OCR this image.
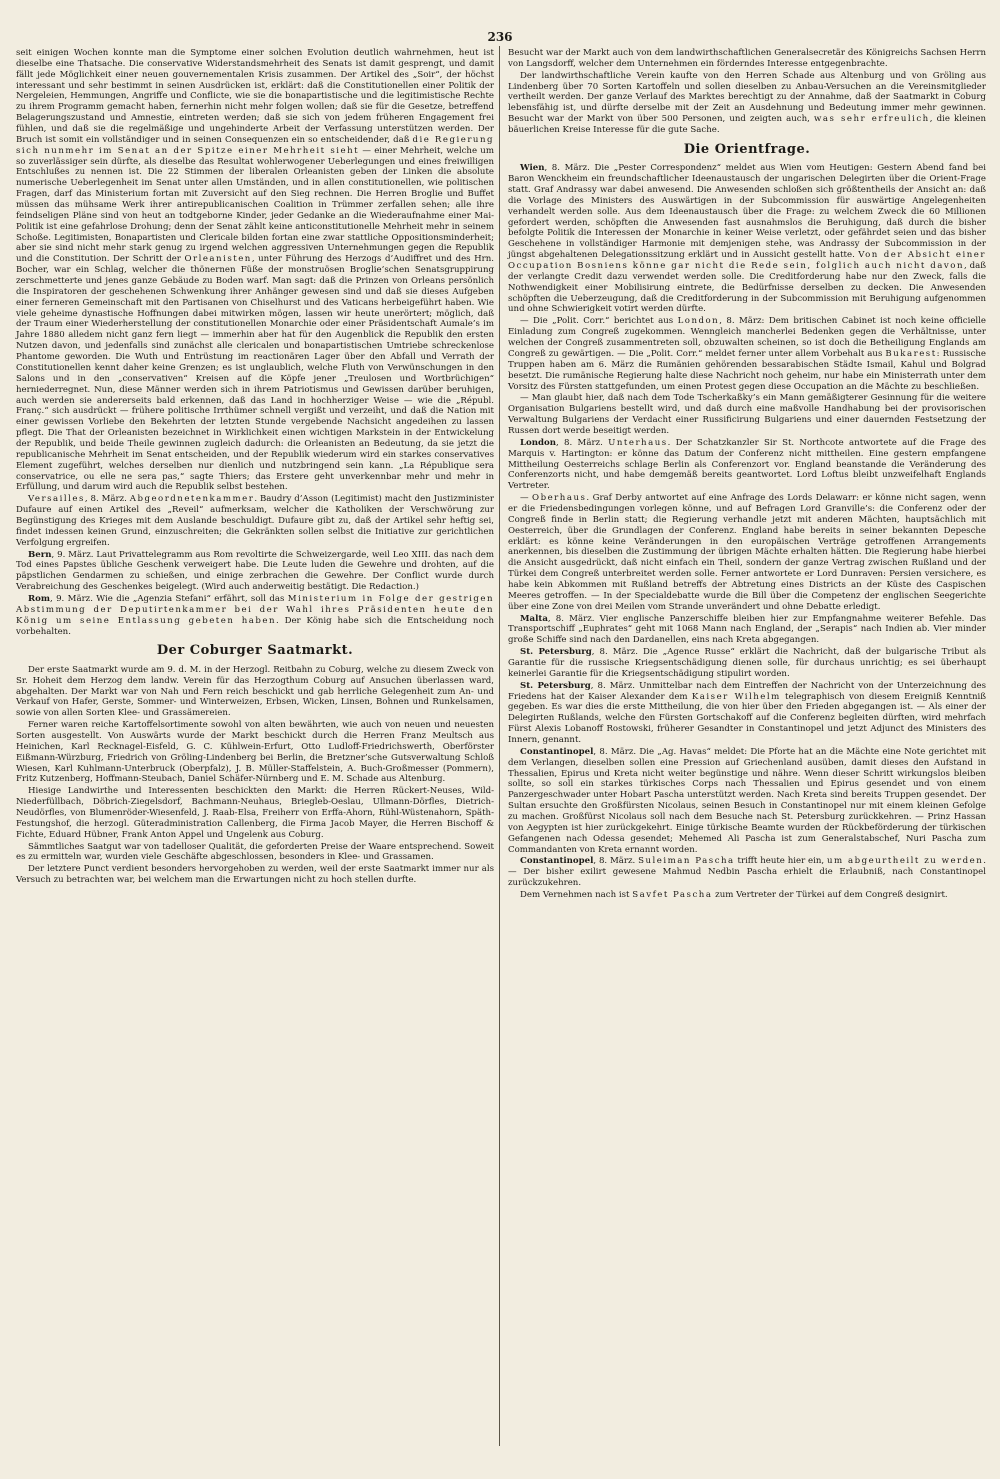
236

seit einigen Wochen konnte man die Symptome einer solchen Evolution deutlich wahrnehmen, heut ist dieselbe eine Thatsache. Die conservative Widerstandsmehrheit des Senats ist damit gesprengt, und damit fällt jede Möglichkeit einer neuen gouvernementalen Krisis zusammen. Der Artikel des „Soir“, der höchst interessant und sehr bestimmt in seinen Ausdrücken ist, erklärt: daß die Constitutionellen einer Politik der Nergeleien, Hemmungen, Angriffe und Conflicte, wie sie die bonapartistische und die legitimistische Rechte zu ihrem Programm gemacht haben, fernerhin nicht mehr folgen wollen; daß sie für die Gesetze, betreffend Belagerungszustand und Amnestie, eintreten werden; daß sie sich von jedem früheren Engagement frei fühlen, und daß sie die regelmäßige und ungehinderte Arbeit der Verfassung unterstützen werden. Der Bruch ist somit ein vollständiger und in seinen Consequenzen ein so entscheidender, daß die Regierung sich nunmehr im Senat an der Spitze einer Mehrheit sieht — einer Mehrheit, welche um so zuverlässiger sein dürfte, als dieselbe das Resultat wohlerwogener Ueberlegungen und eines freiwilligen Entschlußes zu nennen ist. Die 22 Stimmen der liberalen Orleanisten geben der Linken die absolute numerische Ueberlegenheit im Senat unter allen Umständen, und in allen constitutionellen, wie politischen Fragen, darf das Ministerium fortan mit Zuversicht auf den Sieg rechnen. Die Herren Broglie und Buffet müssen das mühsame Werk ihrer antirepublicanischen Coalition in Trümmer zerfallen sehen; alle ihre feindseligen Pläne sind von heut an todtgeborne Kinder, jeder Gedanke an die Wiederaufnahme einer Mai-Politik ist eine gefahrlose Drohung; denn der Senat zählt keine anticonstitutionelle Mehrheit mehr in seinem Schoße. Legitimisten, Bonapartisten und Clericale bilden fortan eine zwar stattliche Oppositionsminderheit; aber sie sind nicht mehr stark genug zu irgend welchen aggressiven Unternehmungen gegen die Republik und die Constitution. Der Schritt der Orleanisten, unter Führung des Herzogs d’Audiffret und des Hrn. Bocher, war ein Schlag, welcher die thönernen Füße der monstruösen Broglie’schen Senatsgruppirung zerschmetterte und jenes ganze Gebäude zu Boden warf. Man sagt: daß die Prinzen von Orleans persönlich die Inspiratoren der geschehenen Schwenkung ihrer Anhänger gewesen sind und daß sie dieses Aufgeben einer ferneren Gemeinschaft mit den Partisanen von Chiselhurst und des Vaticans herbeigeführt haben. Wie viele geheime dynastische Hoffnungen dabei mitwirken mögen, lassen wir heute unerörtert; möglich, daß der Traum einer Wiederherstellung der constitutionellen Monarchie oder einer Präsidentschaft Aumale’s im Jahre 1880 alledem nicht ganz fern liegt — immerhin aber hat für den Augenblick die Republik den ersten Nutzen davon, und jedenfalls sind zunächst alle clericalen und bonapartistischen Umtriebe schreckenlose Phantome geworden. Die Wuth und Entrüstung im reactionären Lager über den Abfall und Verrath der Constitutionellen kennt daher keine Grenzen; es ist unglaublich, welche Fluth von Verwünschungen in den Salons und in den „conservativen“ Kreisen auf die Köpfe jener „Treulosen und Wortbrüchigen“ herniederregnet. Nun, diese Männer werden sich in ihrem Patriotismus und Gewissen darüber beruhigen, auch werden sie andererseits bald erkennen, daß das Land in hochherziger Weise — wie die „Républ. Franç.“ sich ausdrückt — frühere politische Irrthümer schnell vergißt und verzeiht, und daß die Nation mit einer gewissen Vorliebe den Bekehrten der letzten Stunde vergebende Nachsicht angedeihen zu lassen pflegt. Die That der Orleanisten bezeichnet in Wirklichkeit einen wichtigen Markstein in der Entwickelung der Republik, und beide Theile gewinnen zugleich dadurch: die Orleanisten an Bedeutung, da sie jetzt die republicanische Mehrheit im Senat entscheiden, und der Republik wiederum wird ein starkes conservatives Element zugeführt, welches derselben nur dienlich und nutzbringend sein kann. „La République sera conservatrice, ou elle ne sera pas,“ sagte Thiers; das Erstere geht unverkennbar mehr und mehr in Erfüllung, und darum wird auch die Republik selbst bestehen.

Versailles, 8. März. Abgeordnetenkammer. Baudry d’Asson (Legitimist) macht den Justizminister Dufaure auf einen Artikel des „Reveil“ aufmerksam, welcher die Katholiken der Verschwörung zur Begünstigung des Krieges mit dem Auslande beschuldigt. Dufaure gibt zu, daß der Artikel sehr heftig sei, findet indessen keinen Grund, einzuschreiten; die Gekränkten sollen selbst die Initiative zur gerichtlichen Verfolgung ergreifen.

Bern, 9. März. Laut Privattelegramm aus Rom revoltirte die Schweizergarde, weil Leo XIII. das nach dem Tod eines Papstes übliche Geschenk verweigert habe. Die Leute luden die Gewehre und drohten, auf die päpstlichen Gendarmen zu schießen, und einige zerbrachen die Gewehre. Der Conflict wurde durch Verabreichung des Geschenkes beigelegt. (Wird auch anderweitig bestätigt. Die Redaction.)

Rom, 9. März. Wie die „Agenzia Stefani“ erfährt, soll das Ministerium in Folge der gestrigen Abstimmung der Deputirtenkammer bei der Wahl ihres Präsidenten heute den König um seine Entlassung gebeten haben. Der König habe sich die Entscheidung noch vorbehalten.

Der Coburger Saatmarkt.

Der erste Saatmarkt wurde am 9. d. M. in der Herzogl. Reitbahn zu Coburg, welche zu diesem Zweck von Sr. Hoheit dem Herzog dem landw. Verein für das Herzogthum Coburg auf Ansuchen überlassen ward, abgehalten. Der Markt war von Nah und Fern reich beschickt und gab herrliche Gelegenheit zum An- und Verkauf von Hafer, Gerste, Sommer- und Winterweizen, Erbsen, Wicken, Linsen, Bohnen und Runkelsamen, sowie von allen Sorten Klee- und Grassämereien.

Ferner waren reiche Kartoffelsortimente sowohl von alten bewährten, wie auch von neuen und neuesten Sorten ausgestellt. Von Auswärts wurde der Markt beschickt durch die Herren Franz Meultsch aus Heinichen, Karl Recknagel-Eisfeld, G. C. Kühlwein-Erfurt, Otto Ludloff-Friedrichswerth, Oberförster Eißmann-Würzburg, Friedrich von Gröling-Lindenberg bei Berlin, die Bretzner’sche Gutsverwaltung Schloß Wiesen, Karl Kuhlmann-Unterbruck (Oberpfalz), J. B. Müller-Staffelstein, A. Buch-Großmesser (Pommern), Fritz Kutzenberg, Hoffmann-Steubach, Daniel Schäfer-Nürnberg und E. M. Schade aus Altenburg.

Hiesige Landwirthe und Interessenten beschickten den Markt: die Herren Rückert-Neuses, Wild-Niederfüllbach, Döbrich-Ziegelsdorf, Bachmann-Neuhaus, Brieglеb-Oeslau, Ullmann-Dörfles, Dietrich-Neudörfles, von Blumenröder-Wiesenfeld, J. Raab-Elsa, Freiherr von Erffa-Ahorn, Rühl-Wüstenahorn, Späth-Festungshof, die herzogl. Güteradministration Callenberg, die Firma Jacob Mayer, die Herren Bischoff & Fichte, Eduard Hübner, Frank Anton Appel und Ungelenk aus Coburg.

Sämmtliches Saatgut war von tadelloser Qualität, die geforderten Preise der Waare entsprechend. Soweit es zu ermitteln war, wurden viele Geschäfte abgeschlossen, besonders in Klee- und Grassamen.

Der letztere Punct verdient besonders hervorgehoben zu werden, weil der erste Saatmarkt immer nur als Versuch zu betrachten war, bei welchem man die Erwartungen nicht zu hoch stellen durfte.

Besucht war der Markt auch von dem landwirthschaftlichen Generalsecretär des Königreichs Sachsen Herrn von Langsdorff, welcher dem Unternehmen ein förderndes Interesse entgegenbrachte.

Der landwirthschaftliche Verein kaufte von den Herren Schade aus Altenburg und von Gröling aus Lindenberg über 70 Sorten Kartoffeln und sollen dieselben zu Anbau-Versuchen an die Vereinsmitglieder vertheilt werden. Der ganze Verlauf des Marktes berechtigt zu der Annahme, daß der Saatmarkt in Coburg lebensfähig ist, und dürfte derselbe mit der Zeit an Ausdehnung und Bedeutung immer mehr gewinnen. Besucht war der Markt von über 500 Personen, und zeigten auch, was sehr erfreulich, die kleinen bäuerlichen Kreise Interesse für die gute Sache.

Die Orientfrage.

Wien, 8. März. Die „Pester Correspondenz“ meldet aus Wien vom Heutigen: Gestern Abend fand bei Baron Wenckheim ein freundschaftlicher Ideenaustausch der ungarischen Delegirten über die Orient-Frage statt. Graf Andrassy war dabei anwesend. Die Anwesenden schloßen sich größtentheils der Ansicht an: daß die Vorlage des Ministers des Auswärtigen in der Subcommission für auswärtige Angelegenheiten verhandelt werden solle. Aus dem Ideenaustausch über die Frage: zu welchem Zweck die 60 Millionen gefordert werden, schöpften die Anwesenden fast ausnahmslos die Beruhigung, daß durch die bisher befolgte Politik die Interessen der Monarchie in keiner Weise verletzt, oder gefährdet seien und das bisher Geschehene in vollständiger Harmonie mit demjenigen stehe, was Andrassy der Subcommission in der jüngst abgehaltenen Delegationssitzung erklärt und in Aussicht gestellt hatte. Von der Absicht einer Occupation Bosniens könne gar nicht die Rede sein, folglich auch nicht davon, daß der verlangte Credit dazu verwendet werden solle. Die Creditforderung habe nur den Zweck, falls die Nothwendigkeit einer Mobilisirung eintrete, die Bedürfnisse derselben zu decken. Die Anwesenden schöpften die Ueberzeugung, daß die Creditforderung in der Subcommission mit Beruhigung aufgenommen und ohne Schwierigkeit votirt werden dürfte.

— Die „Polit. Corr.“ berichtet aus London, 8. März: Dem britischen Cabinet ist noch keine officielle Einladung zum Congreß zugekommen. Wenngleich mancherlei Bedenken gegen die Verhältnisse, unter welchen der Congreß zusammentreten soll, obzuwalten scheinen, so ist doch die Betheiligung Englands am Congreß zu gewärtigen. — Die „Polit. Corr.“ meldet ferner unter allem Vorbehalt aus Bukarest: Russische Truppen haben am 6. März die Rumänien gehörenden bessarabischen Städte Ismail, Kahul und Bolgrad besetzt. Die rumänische Regierung halte diese Nachricht noch geheim, nur habe ein Ministerrath unter dem Vorsitz des Fürsten stattgefunden, um einen Protest gegen diese Occupation an die Mächte zu beschließen.

— Man glaubt hier, daß nach dem Tode Tscherkaßky’s ein Mann gemäßigterer Gesinnung für die weitere Organisation Bulgariens bestellt wird, und daß durch eine maßvolle Handhabung bei der provisorischen Verwaltung Bulgariens der Verdacht einer Russificirung Bulgariens und einer dauernden Festsetzung der Russen dort werde beseitigt werden.

London, 8. März. Unterhaus. Der Schatzkanzler Sir St. Northcote antwortete auf die Frage des Marquis v. Hartington: er könne das Datum der Conferenz nicht mittheilen. Eine gestern empfangene Mittheilung Oesterreichs schlage Berlin als Conferenzort vor. England beanstande die Veränderung des Conferenzorts nicht, und habe demgemäß bereits geantwortet. Lord Loftus bleibt unzweifelhaft Englands Vertreter.

— Oberhaus. Graf Derby antwortet auf eine Anfrage des Lords Delawarr: er könne nicht sagen, wenn er die Friedensbedingungen vorlegen könne, und auf Befragen Lord Granville’s: die Conferenz oder der Congreß finde in Berlin statt; die Regierung verhandle jetzt mit anderen Mächten, hauptsächlich mit Oesterreich, über die Grundlagen der Conferenz. England habe bereits in seiner bekannten Depesche erklärt: es könne keine Veränderungen in den europäischen Verträge getroffenen Arrangements anerkennen, bis dieselben die Zustimmung der übrigen Mächte erhalten hätten. Die Regierung habe hierbei die Ansicht ausgedrückt, daß nicht einfach ein Theil, sondern der ganze Vertrag zwischen Rußland und der Türkei dem Congreß unterbreitet werden solle. Ferner antwortete er Lord Dunraven: Persien versichere, es habe kein Abkommen mit Rußland betreffs der Abtretung eines Districts an der Küste des Caspischen Meeres getroffen. — In der Specialdebatte wurde die Bill über die Competenz der englischen Seegerichte über eine Zone von drei Meilen vom Strande unverändert und ohne Debatte erledigt.

Malta, 8. März. Vier englische Panzerschiffe bleiben hier zur Empfangnahme weiterer Befehle. Das Transportschiff „Euphrates“ geht mit 1068 Mann nach England, der „Serapis“ nach Indien ab. Vier minder große Schiffe sind nach den Dardanellen, eins nach Kreta abgegangen.

St. Petersburg, 8. März. Die „Agence Russe“ erklärt die Nachricht, daß der bulgarische Tribut als Garantie für die russische Kriegsentschädigung dienen solle, für durchaus unrichtig; es sei überhaupt keinerlei Garantie für die Kriegsentschädigung stipulirt worden.

St. Petersburg, 8. März. Unmittelbar nach dem Eintreffen der Nachricht von der Unterzeichnung des Friedens hat der Kaiser Alexander dem Kaiser Wilhelm telegraphisch von diesem Ereigniß Kenntniß gegeben. Es war dies die erste Mittheilung, die von hier über den Frieden abgegangen ist. — Als einer der Delegirten Rußlands, welche den Fürsten Gortschakoff auf die Conferenz begleiten dürften, wird mehrfach Fürst Alexis Lobanoff Rostowski, früherer Gesandter in Constantinopel und jetzt Adjunct des Ministers des Innern, genannt.

Constantinopel, 8. März. Die „Ag. Havas“ meldet: Die Pforte hat an die Mächte eine Note gerichtet mit dem Verlangen, dieselben sollen eine Pression auf Griechenland ausüben, damit dieses den Aufstand in Thessalien, Epirus und Kreta nicht weiter begünstige und nähre. Wenn dieser Schritt wirkungslos bleiben sollte, so soll ein starkes türkisches Corps nach Thessalien und Epirus gesendet und von einem Panzergeschwader unter Hobart Pascha unterstützt werden. Nach Kreta sind bereits Truppen gesendet. Der Sultan ersuchte den Großfürsten Nicolaus, seinen Besuch in Constantinopel nur mit einem kleinen Gefolge zu machen. Großfürst Nicolaus soll nach dem Besuche nach St. Petersburg zurückkehren. — Prinz Hassan von Aegypten ist hier zurückgekehrt. Einige türkische Beamte wurden der Rückbeförderung der türkischen Gefangenen nach Odessa gesendet; Mehemed Ali Pascha ist zum Generalstabschef, Nuri Pascha zum Commandanten von Kreta ernannt worden.

Constantinopel, 8. März. Suleiman Pascha trifft heute hier ein, um abgeurtheilt zu werden. — Der bisher exilirt gewesene Mahmud Nedbin Pascha erhielt die Erlaubniß, nach Constantinopel zurückzukehren.

Dem Vernehmen nach ist Savfet Pascha zum Vertreter der Türkei auf dem Congreß designirt.
